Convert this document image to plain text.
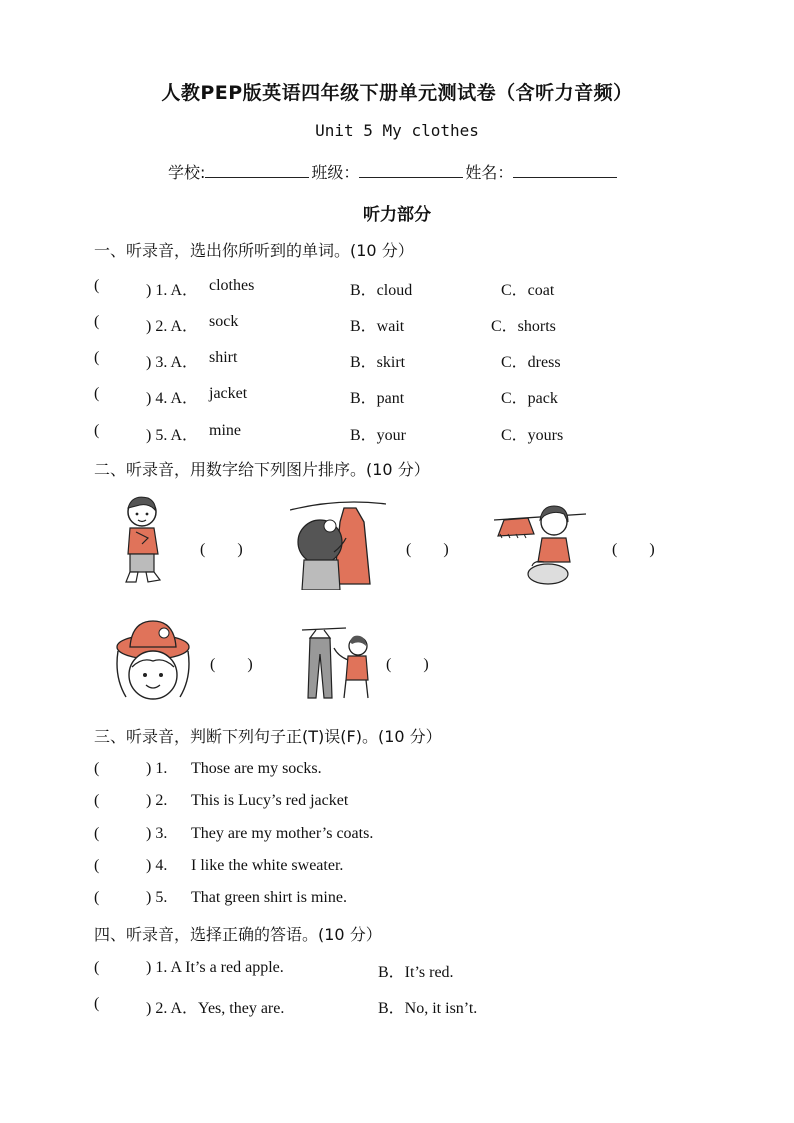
人教PEP版英语四年级下册单元测试卷（含听力音频）
Unit 5 My clothes
学校:	班级：	姓名：
听力部分
一、听录音，选出你所听到的单词。(10 分）
(	) 1. A． clothes	B．cloud	C．coat
(	) 2. A． sock	B．wait	C．shorts
(	) 3. A． shirt	B．skirt	C．dress
(	) 4. A． jacket	B．pant	C．pack
(	) 5. A． mine	B．your	C．yours
二、听录音，用数字给下列图片排序。(10 分）
(　　)	(　　)	(　　)
(　　)	(　　)
三、听录音，判断下列句子正(T)误(F)。(10 分）
(	) 1. Those are my socks.
(	) 2. This is Lucy’s red jacket
(	) 3. They are my mother’s coats.
(	) 4. I like the white sweater.
(	) 5. That green shirt is mine.
四、听录音，选择正确的答语。(10 分）
(	) 1. A It’s a red apple.	B．It’s red.
(	) 2. A．Yes, they are.	B．No, it isn’t.
